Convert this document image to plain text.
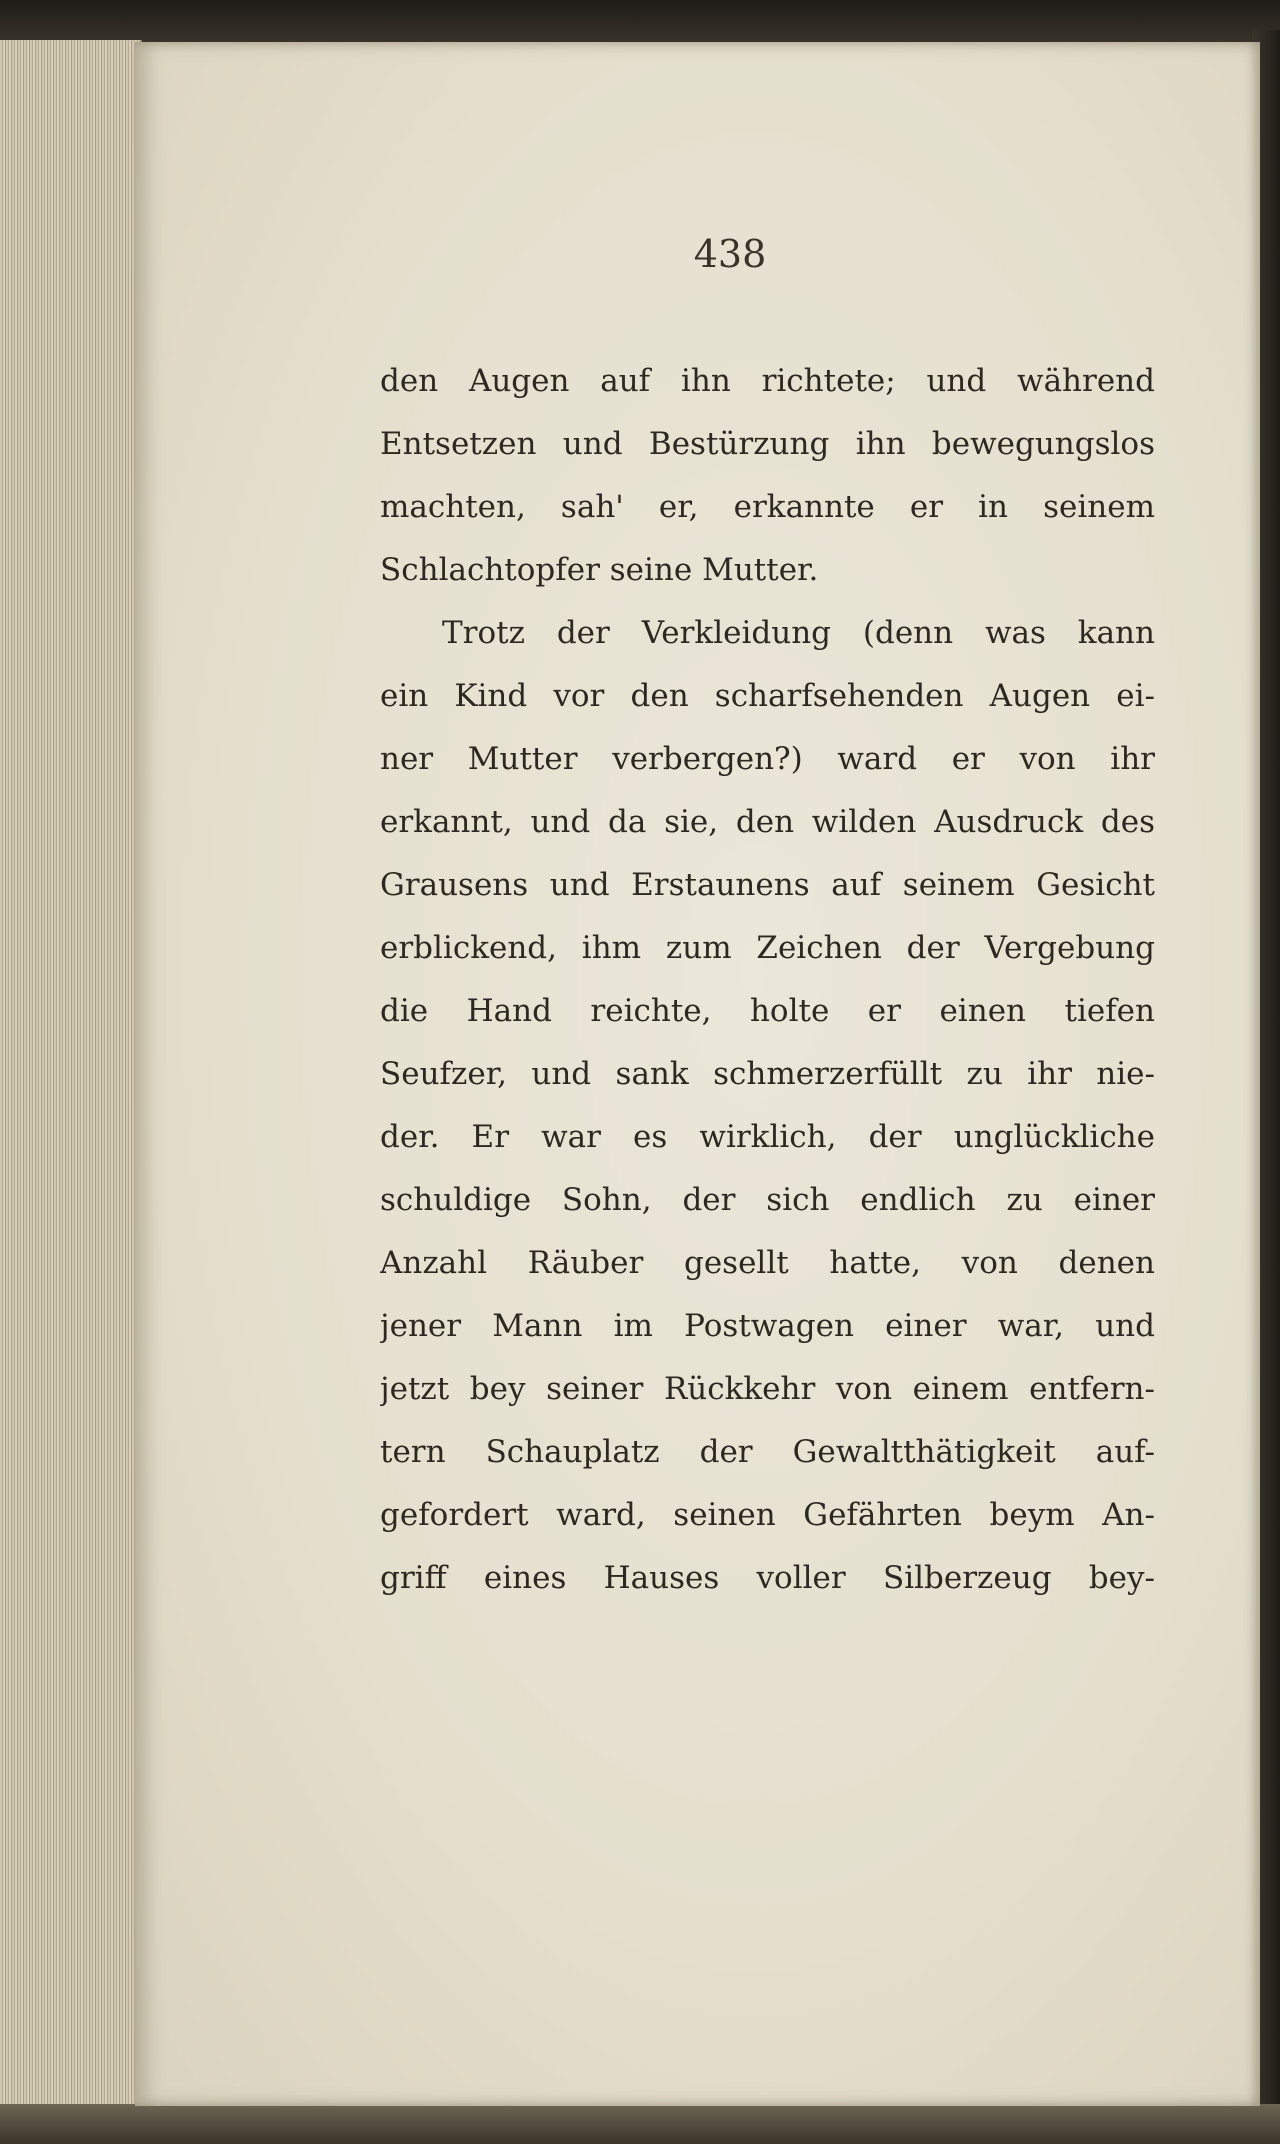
438
den Augen auf ihn richtete; und während
Entsetzen und Bestürzung ihn bewegungslos
machten, sah' er, erkannte er in seinem
Schlachtopfer seine Mutter.
Trotz der Verkleidung (denn was kann
ein Kind vor den scharfsehenden Augen ei-
ner Mutter verbergen?) ward er von ihr
erkannt, und da sie, den wilden Ausdruck des
Grausens und Erstaunens auf seinem Gesicht
erblickend, ihm zum Zeichen der Vergebung
die Hand reichte, holte er einen tiefen
Seufzer, und sank schmerzerfüllt zu ihr nie-
der. Er war es wirklich, der unglückliche
schuldige Sohn, der sich endlich zu einer
Anzahl Räuber gesellt hatte, von denen
jener Mann im Postwagen einer war, und
jetzt bey seiner Rückkehr von einem entfern-
tern Schauplatz der Gewaltthätigkeit auf-
gefordert ward, seinen Gefährten beym An-
griff eines Hauses voller Silberzeug bey-
